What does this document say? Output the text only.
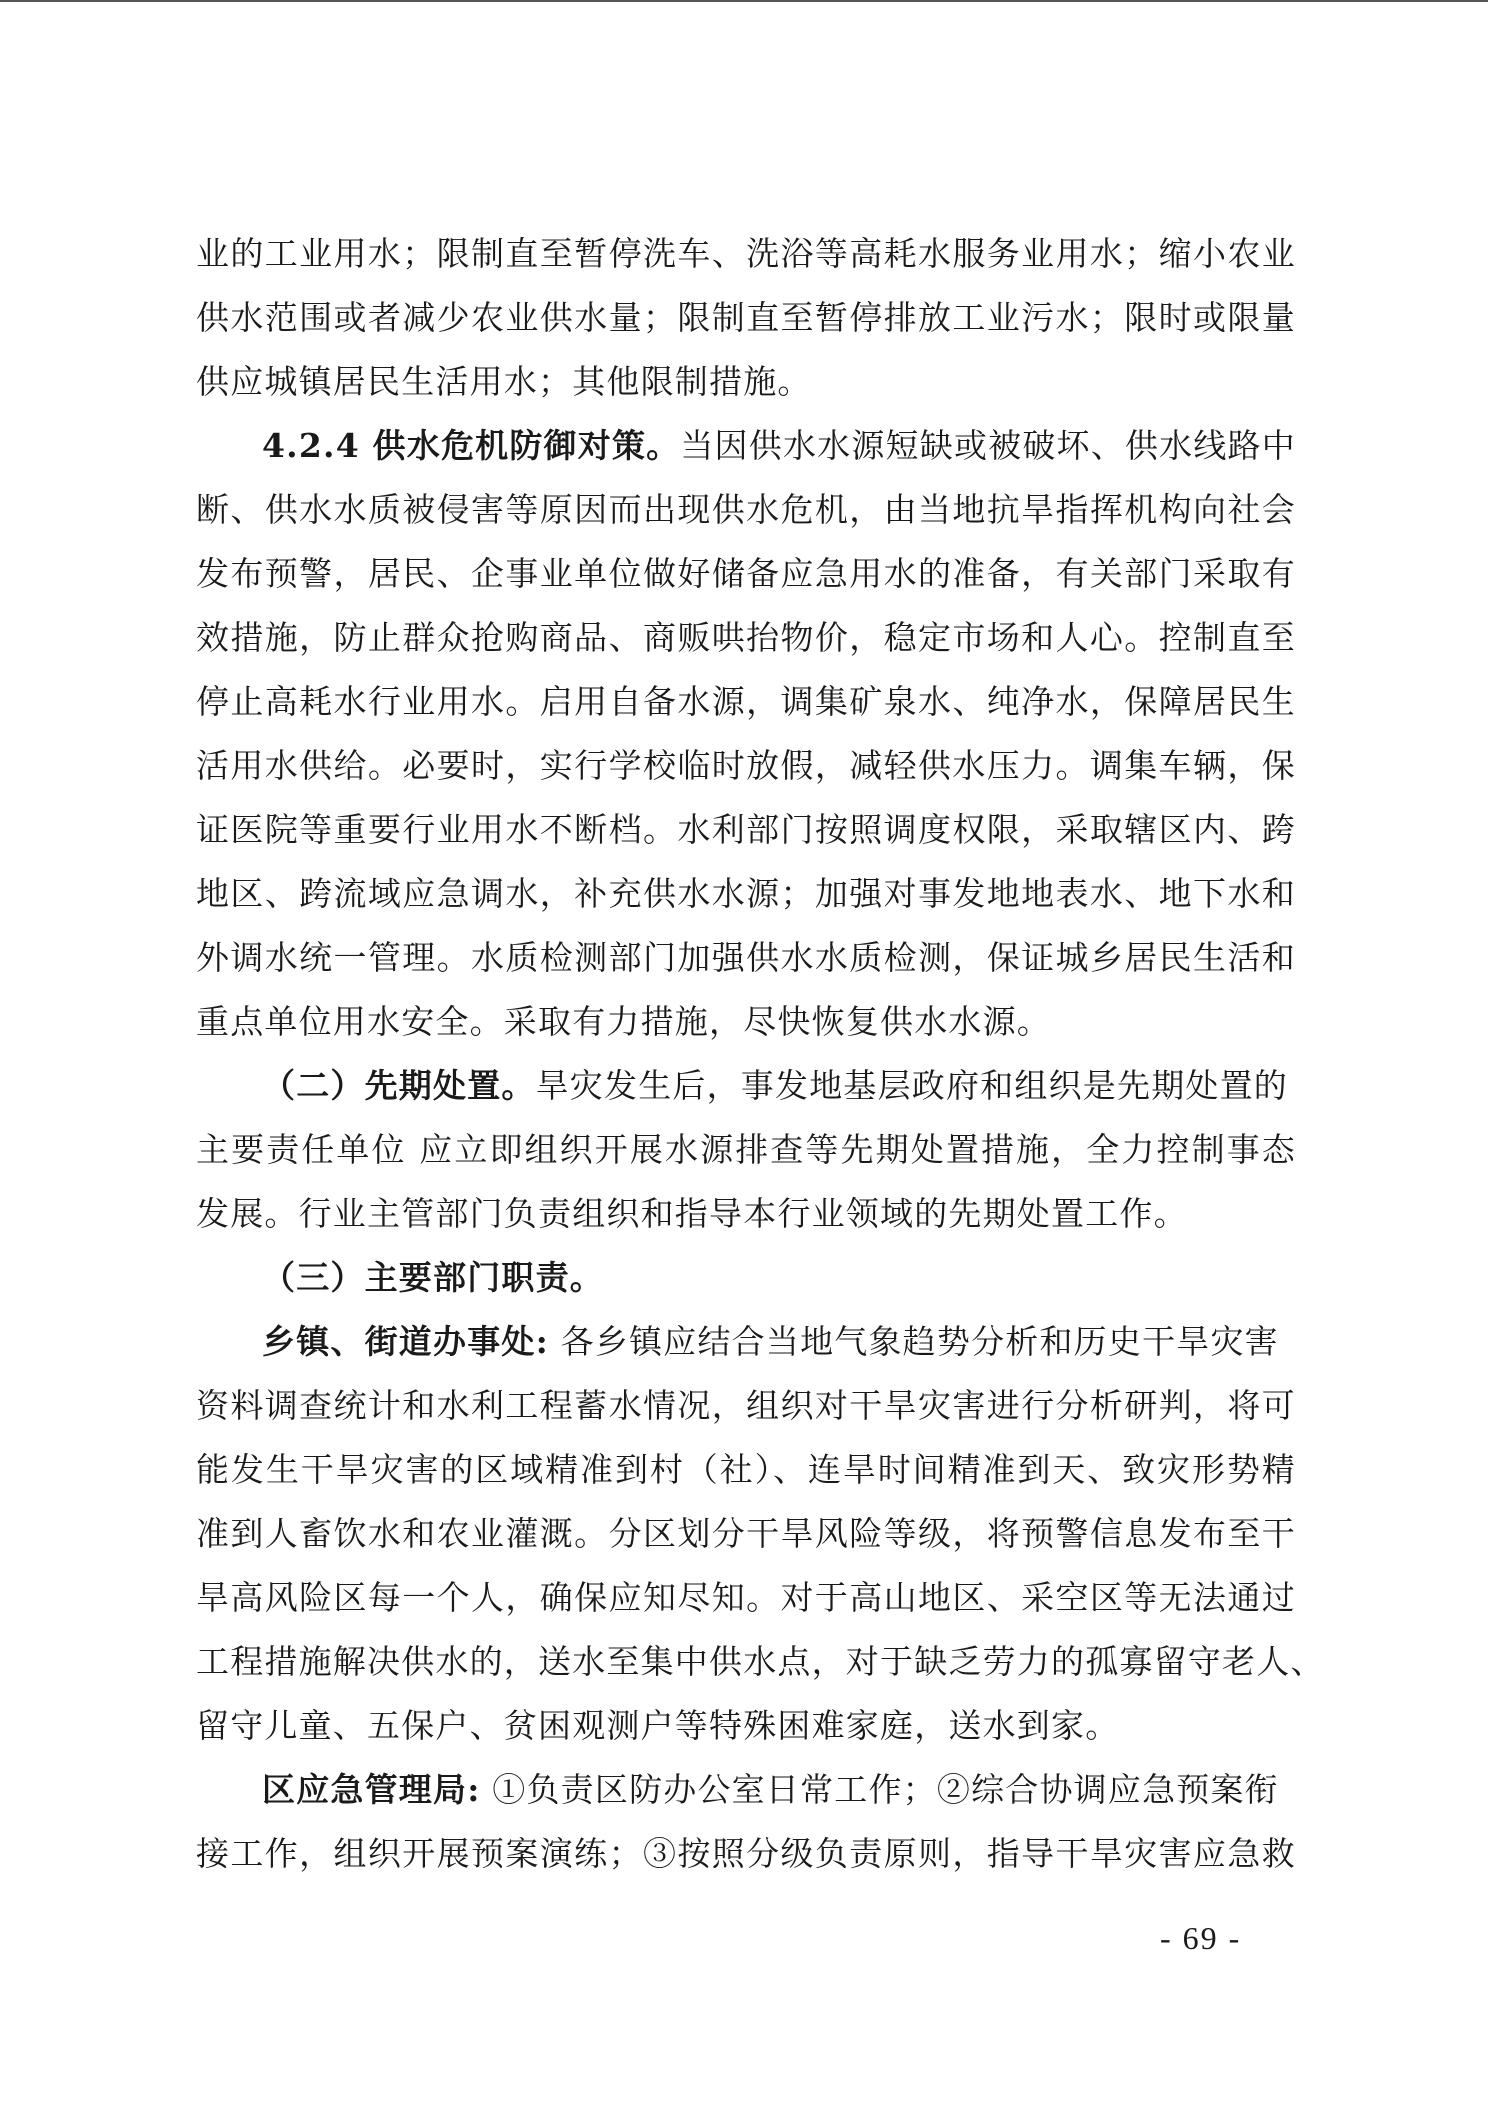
业的工业用水；限制直至暂停洗车、洗浴等高耗水服务业用水；缩小农业
供水范围或者减少农业供水量；限制直至暂停排放工业污水；限时或限量
供应城镇居民生活用水；其他限制措施。
4.2.4 供水危机防御对策。当因供水水源短缺或被破坏、供水线路中
断、供水水质被侵害等原因而出现供水危机，由当地抗旱指挥机构向社会
发布预警，居民、企事业单位做好储备应急用水的准备，有关部门采取有
效措施，防止群众抢购商品、商贩哄抬物价，稳定市场和人心。控制直至
停止高耗水行业用水。启用自备水源，调集矿泉水、纯净水，保障居民生
活用水供给。必要时，实行学校临时放假，减轻供水压力。调集车辆，保
证医院等重要行业用水不断档。水利部门按照调度权限，采取辖区内、跨
地区、跨流域应急调水，补充供水水源；加强对事发地地表水、地下水和
外调水统一管理。水质检测部门加强供水水质检测，保证城乡居民生活和
重点单位用水安全。采取有力措施，尽快恢复供水水源。
（二）先期处置。旱灾发生后，事发地基层政府和组织是先期处置的
主要责任单位 应立即组织开展水源排查等先期处置措施，全力控制事态
发展。行业主管部门负责组织和指导本行业领域的先期处置工作。
（三）主要部门职责。
乡镇、街道办事处: 各乡镇应结合当地气象趋势分析和历史干旱灾害
资料调查统计和水利工程蓄水情况，组织对干旱灾害进行分析研判，将可
能发生干旱灾害的区域精准到村（社）、连旱时间精准到天、致灾形势精
准到人畜饮水和农业灌溉。分区划分干旱风险等级，将预警信息发布至干
旱高风险区每一个人，确保应知尽知。对于高山地区、采空区等无法通过
工程措施解决供水的，送水至集中供水点，对于缺乏劳力的孤寡留守老人、
留守儿童、五保户、贫困观测户等特殊困难家庭，送水到家。
区应急管理局: ①负责区防办公室日常工作；②综合协调应急预案衔
接工作，组织开展预案演练；③按照分级负责原则，指导干旱灾害应急救
- 69 -
